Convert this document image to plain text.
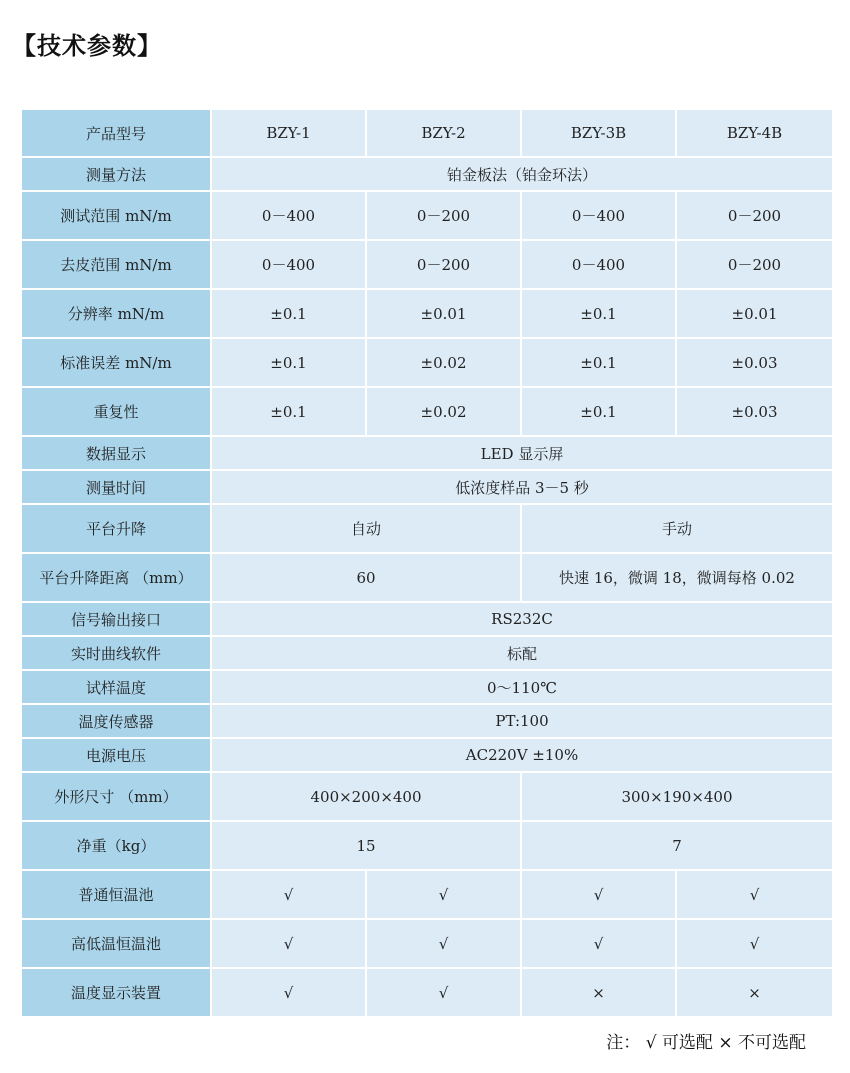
【技术参数】
产品型号	BZY-1	BZY-2	BZY-3B	BZY-4B
测量方法	铂金板法（铂金环法）			
测试范围 mN/m	0－400	0－200	0－400	0－200
去皮范围 mN/m	0－400	0－200	0－400	0－200
分辨率 mN/m	±0.1	±0.01	±0.1	±0.01
标准误差 mN/m	±0.1	±0.02	±0.1	±0.03
重复性	±0.1	±0.02	±0.1	±0.03
数据显示	LED 显示屏			
测量时间	低浓度样品 3－5 秒			
平台升降	自动		手动	
平台升降距离 （mm）	60		快速 16，微调 18，微调每格 0.02	
信号输出接口	RS232C			
实时曲线软件	标配			
试样温度	0～110℃			
温度传感器	PT:100			
电源电压	AC220V ±10%			
外形尺寸 （mm）	400×200×400		300×190×400	
净重（kg）	15		7	
普通恒温池	√	√	√	√
高低温恒温池	√	√	√	√
温度显示装置	√	√	×	×
注： √ 可选配 × 不可选配
